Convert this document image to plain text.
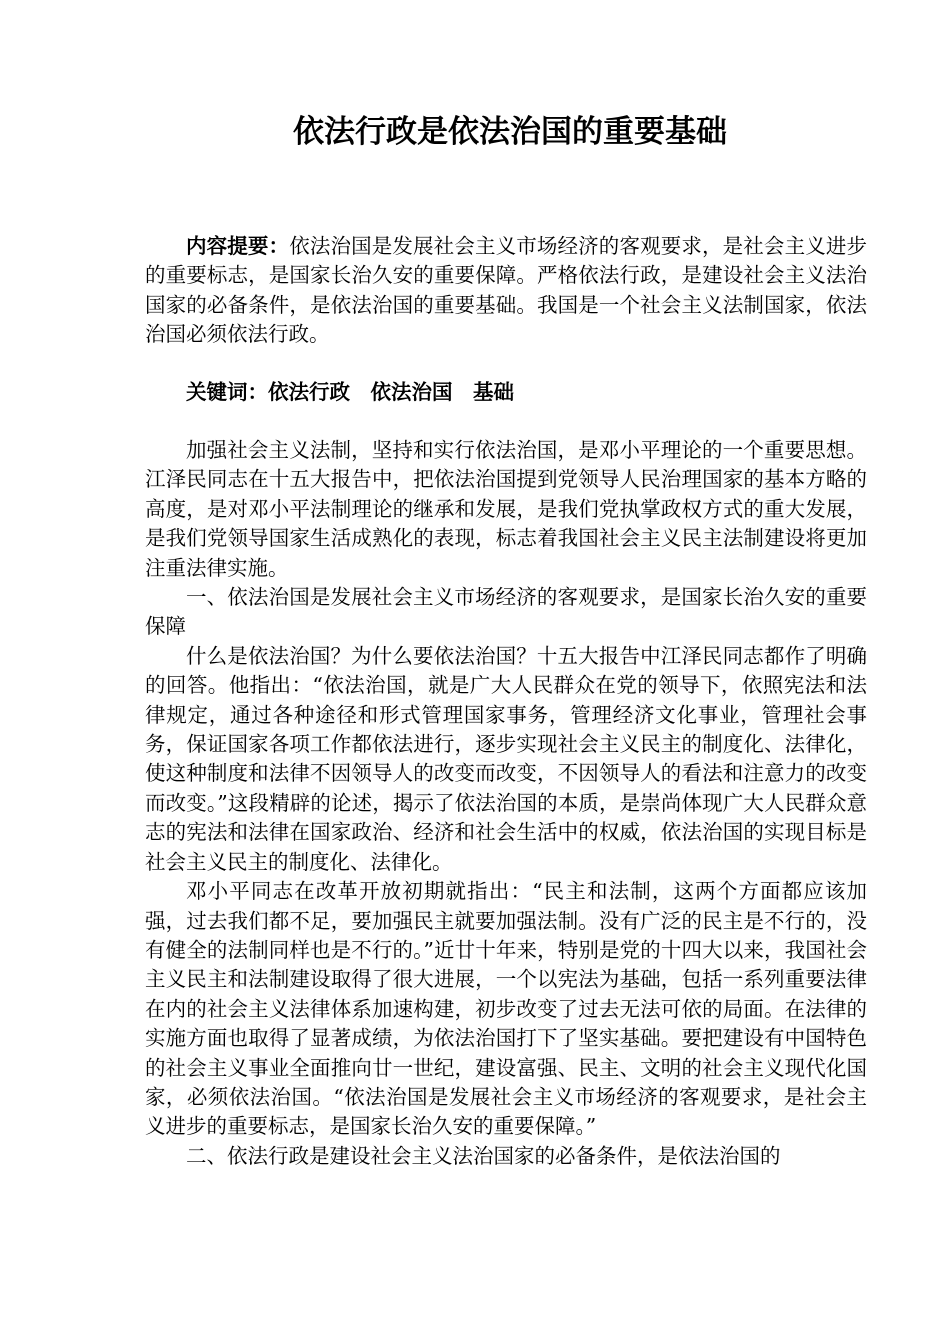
依法行政是依法治国的重要基础

内容提要：依法治国是发展社会主义市场经济的客观要求，是社会主义进步的重要标志，是国家长治久安的重要保障。严格依法行政，是建设社会主义法治国家的必备条件，是依法治国的重要基础。我国是一个社会主义法制国家，依法治国必须依法行政。

关键词：依法行政 依法治国 基础

加强社会主义法制，坚持和实行依法治国，是邓小平理论的一个重要思想。江泽民同志在十五大报告中，把依法治国提到党领导人民治理国家的基本方略的高度，是对邓小平法制理论的继承和发展，是我们党执掌政权方式的重大发展，是我们党领导国家生活成熟化的表现，标志着我国社会主义民主法制建设将更加注重法律实施。

一、依法治国是发展社会主义市场经济的客观要求，是国家长治久安的重要保障

什么是依法治国？为什么要依法治国？十五大报告中江泽民同志都作了明确的回答。他指出：“依法治国，就是广大人民群众在党的领导下，依照宪法和法律规定，通过各种途径和形式管理国家事务，管理经济文化事业，管理社会事务，保证国家各项工作都依法进行，逐步实现社会主义民主的制度化、法律化，使这种制度和法律不因领导人的改变而改变，不因领导人的看法和注意力的改变而改变。”这段精辟的论述，揭示了依法治国的本质，是崇尚体现广大人民群众意志的宪法和法律在国家政治、经济和社会生活中的权威，依法治国的实现目标是社会主义民主的制度化、法律化。

邓小平同志在改革开放初期就指出：“民主和法制，这两个方面都应该加强，过去我们都不足，要加强民主就要加强法制。没有广泛的民主是不行的，没有健全的法制同样也是不行的。”近廿十年来，特别是党的十四大以来，我国社会主义民主和法制建设取得了很大进展，一个以宪法为基础，包括一系列重要法律在内的社会主义法律体系加速构建，初步改变了过去无法可依的局面。在法律的实施方面也取得了显著成绩，为依法治国打下了坚实基础。要把建设有中国特色的社会主义事业全面推向廿一世纪，建设富强、民主、文明的社会主义现代化国家，必须依法治国。“依法治国是发展社会主义市场经济的客观要求，是社会主义进步的重要标志，是国家长治久安的重要保障。”

二、依法行政是建设社会主义法治国家的必备条件，是依法治国的
